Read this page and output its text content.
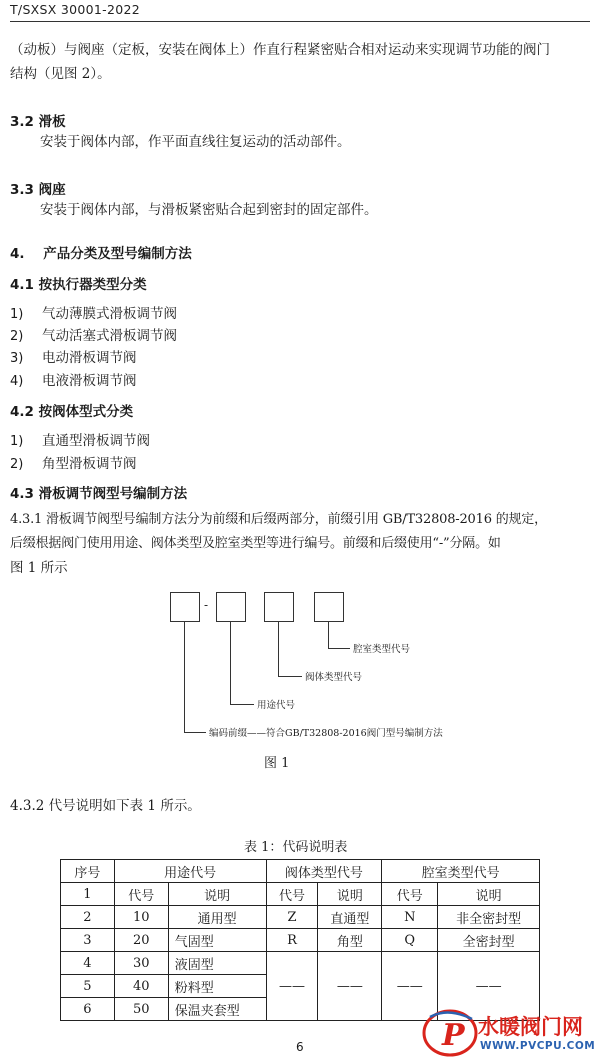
T/SXSX 30001-2022
（动板）与阀座（定板，安装在阀体上）作直行程紧密贴合相对运动来实现调节功能的阀门
结构（见图 2）。
3.2 滑板
安装于阀体内部，作平面直线往复运动的活动部件。
3.3 阀座
安装于阀体内部，与滑板紧密贴合起到密封的固定部件。
4. 产品分类及型号编制方法
4.1 按执行器类型分类
1) 气动薄膜式滑板调节阀
2) 气动活塞式滑板调节阀
3) 电动滑板调节阀
4) 电液滑板调节阀
4.2 按阀体型式分类
1) 直通型滑板调节阀
2) 角型滑板调节阀
4.3 滑板调节阀型号编制方法
4.3.1 滑板调节阀型号编制方法分为前缀和后缀两部分，前缀引用 GB/T32808-2016 的规定，
后缀根据阀门使用用途、阀体类型及腔室类型等进行编号。前缀和后缀使用“-”分隔。如
图 1 所示
-
腔室类型代号
阀体类型代号
用途代号
编码前缀——符合GB/T32808-2016阀门型号编制方法
图 1
4.3.2 代号说明如下表 1 所示。
表 1：代码说明表
序号	用途代号		阀体类型代号		腔室类型代号	
1	代号	说明	代号	说明	代号	说明
2	10	通用型	Z	直通型	N	非全密封型
3	20	气固型	R	角型	Q	全密封型
4	30	液固型	——	——	——	——
5	40	粉料型				
6	50	保温夹套型				
6	P 水暖阀门网
WWW.PVCPU.COM
